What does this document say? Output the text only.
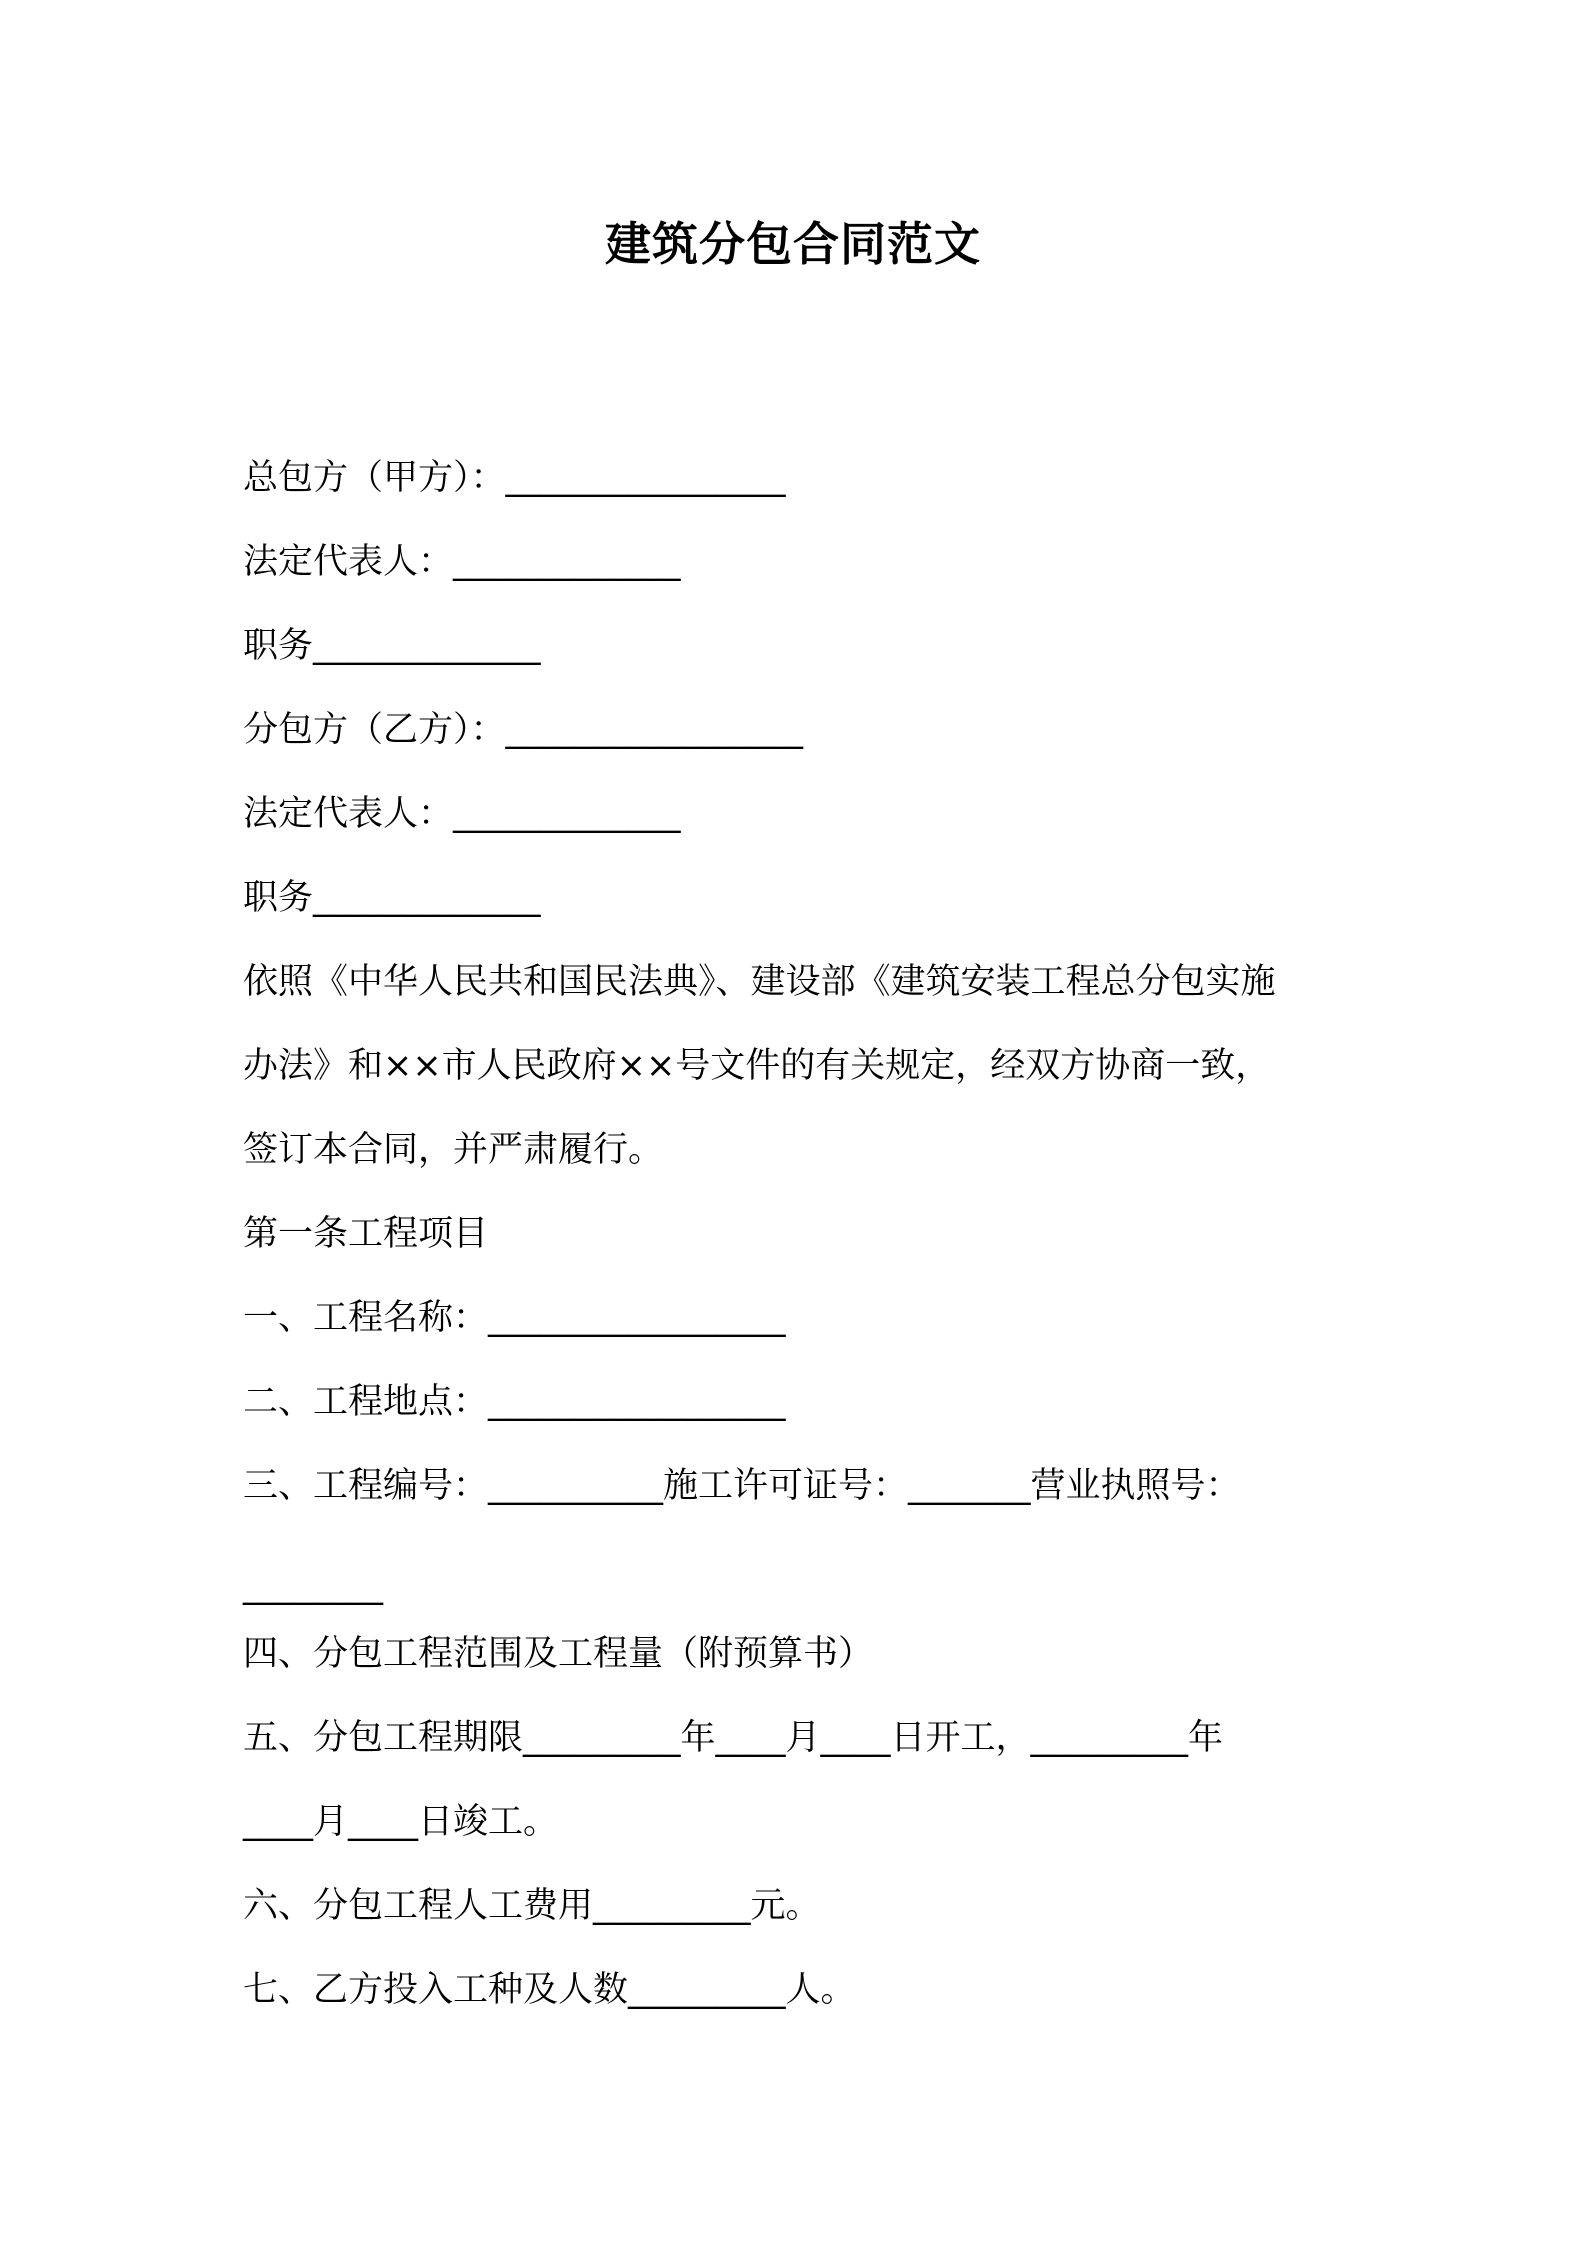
建筑分包合同范文
总包方（甲方）：________________
法定代表人：_____________
职务_____________
分包方（乙方）：_________________
法定代表人：_____________
职务_____________
依照《中华人民共和国民法典》、建设部《建筑安装工程总分包实施
办法》和××市人民政府××号文件的有关规定，经双方协商一致，
签订本合同，并严肃履行。
第一条工程项目
一、工程名称：_________________
二、工程地点：_________________
三、工程编号：__________施工许可证号：_______营业执照号：
________
四、分包工程范围及工程量（附预算书）
五、分包工程期限_________年____月____日开工，_________年
____月____日竣工。
六、分包工程人工费用_________元。
七、乙方投入工种及人数_________人。
